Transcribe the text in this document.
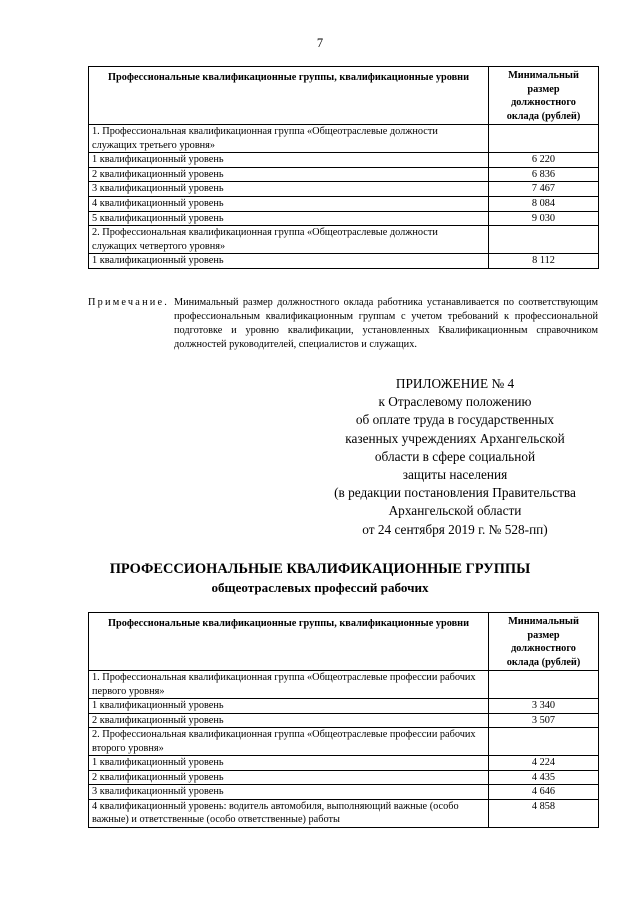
7
Профессиональные квалификационные группы, квалификационные уровни	Минимальный
размер
должностного
оклада (рублей)

1. Профессиональная квалификационная группа «Общеотраслевые должности служащих третьего уровня»	
1 квалификационный уровень	6 220
2 квалификационный уровень	6 836
3 квалификационный уровень	7 467
4 квалификационный уровень	8 084
5 квалификационный уровень	9 030
2. Профессиональная квалификационная группа «Общеотраслевые должности служащих четвертого уровня»	
1 квалификационный уровень	8 112
Примечание. Минимальный размер должностного оклада работника устанавливается по соответствующим профессиональным квалификационным группам с учетом требований к профессиональной подготовке и уровню квалификации, установленных Квалификационным справочником должностей руководителей, специалистов и служащих.
ПРИЛОЖЕНИЕ № 4
к Отраслевому положению
об оплате труда в государственных
казенных учреждениях Архангельской
области в сфере социальной
защиты населения
(в редакции постановления Правительства
Архангельской области
от 24 сентября 2019 г. № 528-пп)
ПРОФЕССИОНАЛЬНЫЕ КВАЛИФИКАЦИОННЫЕ ГРУППЫ
общеотраслевых профессий рабочих
Профессиональные квалификационные группы, квалификационные уровни	Минимальный
размер
должностного
оклада (рублей)

1. Профессиональная квалификационная группа «Общеотраслевые профессии рабочих первого уровня»	
1 квалификационный уровень	3 340
2 квалификационный уровень	3 507
2. Профессиональная квалификационная группа «Общеотраслевые профессии рабочих второго уровня»	
1 квалификационный уровень	4 224
2 квалификационный уровень	4 435
3 квалификационный уровень	4 646
4 квалификационный уровень: водитель автомобиля, выполняющий важные (особо важные) и ответственные (особо ответственные) работы	4 858
